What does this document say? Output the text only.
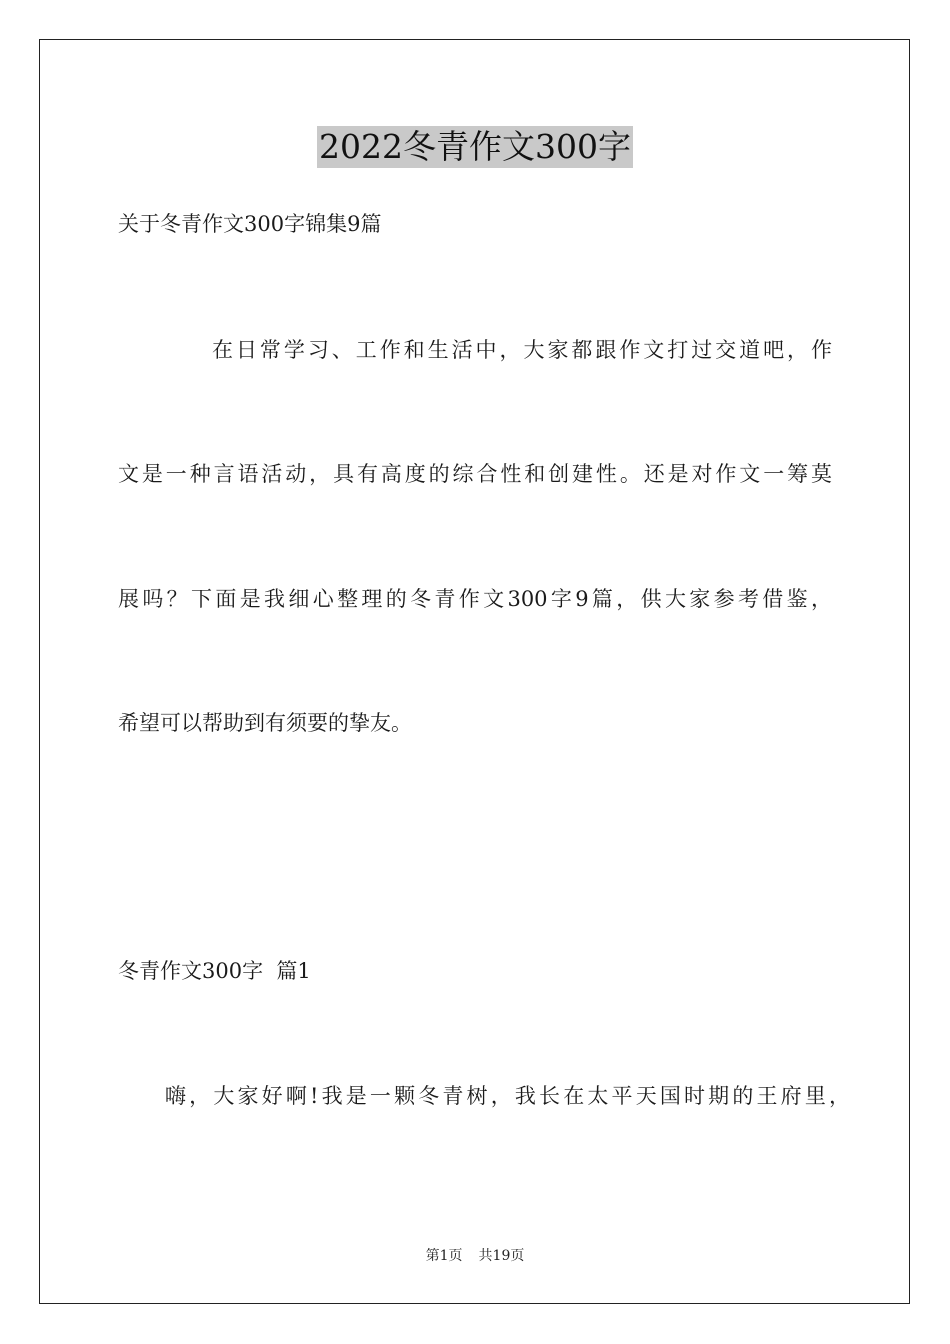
2022冬青作文300字
关于冬青作文300字锦集9篇
在日常学习、工作和生活中，大家都跟作文打过交道吧，作
文是一种言语活动，具有高度的综合性和创建性。还是对作文一筹莫
展吗？下面是我细心整理的冬青作文300字9篇，供大家参考借鉴，
希望可以帮助到有须要的挚友。
冬青作文300字  篇1
嗨，大家好啊!我是一颗冬青树，我长在太平天国时期的王府里，
第1页 共19页
